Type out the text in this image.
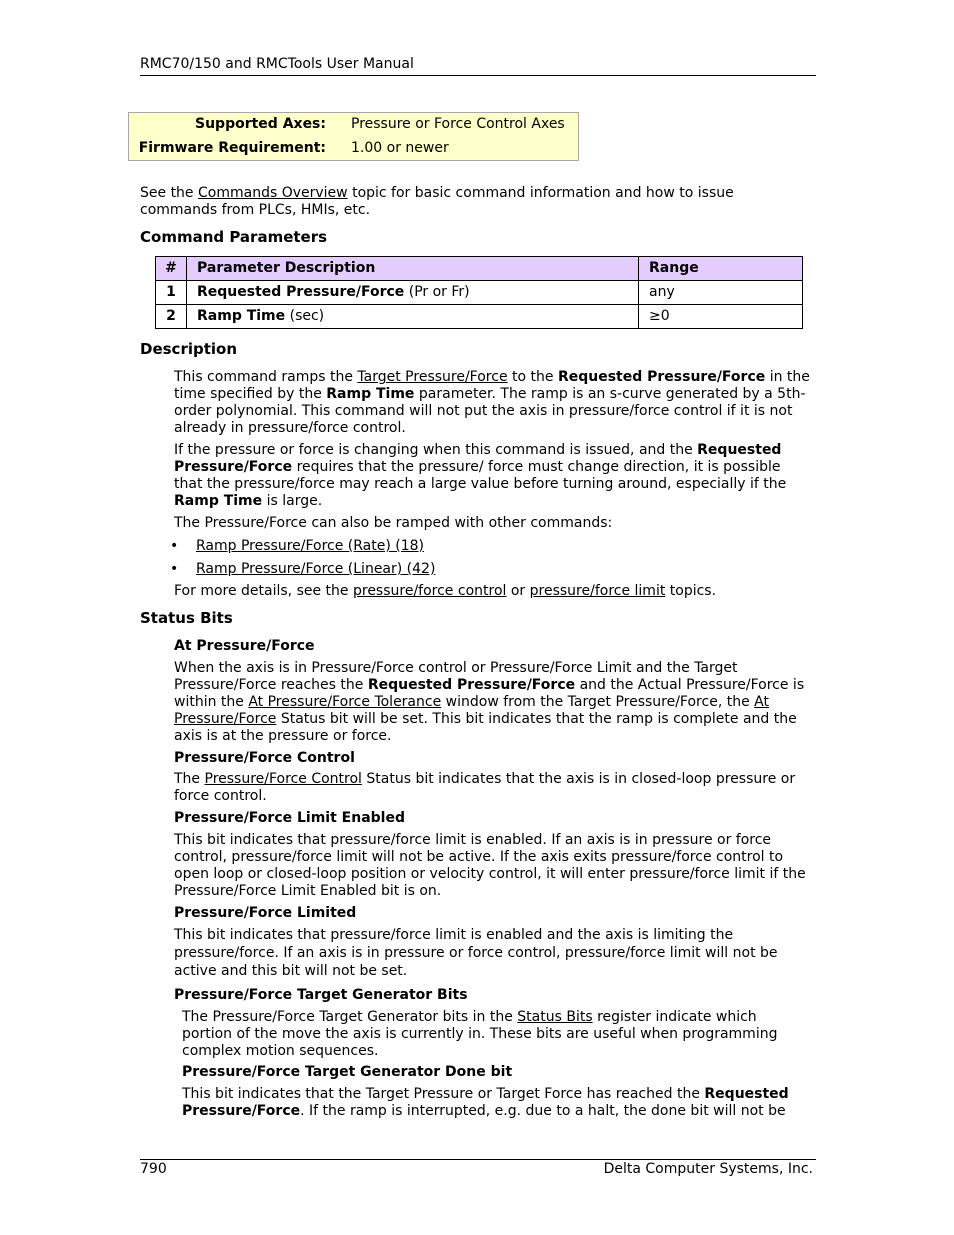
RMC70/150 and RMCTools User Manual
Supported Axes: Pressure or Force Control Axes
Firmware Requirement: 1.00 or newer
See the Commands Overview topic for basic command information and how to issue commands from PLCs, HMIs, etc.
Command Parameters
#	Parameter Description	Range
1	Requested Pressure/Force (Pr or Fr)	any
2	Ramp Time (sec)	≥0
Description
This command ramps the Target Pressure/Force to the Requested Pressure/Force in the time specified by the Ramp Time parameter. The ramp is an s-curve generated by a 5th-order polynomial. This command will not put the axis in pressure/force control if it is not already in pressure/force control.
If the pressure or force is changing when this command is issued, and the Requested Pressure/Force requires that the pressure/ force must change direction, it is possible that the pressure/force may reach a large value before turning around, especially if the Ramp Time is large.
The Pressure/Force can also be ramped with other commands:
• Ramp Pressure/Force (Rate) (18)
• Ramp Pressure/Force (Linear) (42)
For more details, see the pressure/force control or pressure/force limit topics.
Status Bits
At Pressure/Force
When the axis is in Pressure/Force control or Pressure/Force Limit and the Target Pressure/Force reaches the Requested Pressure/Force and the Actual Pressure/Force is within the At Pressure/Force Tolerance window from the Target Pressure/Force, the At Pressure/Force Status bit will be set. This bit indicates that the ramp is complete and the axis is at the pressure or force.
Pressure/Force Control
The Pressure/Force Control Status bit indicates that the axis is in closed-loop pressure or force control.
Pressure/Force Limit Enabled
This bit indicates that pressure/force limit is enabled. If an axis is in pressure or force control, pressure/force limit will not be active. If the axis exits pressure/force control to open loop or closed-loop position or velocity control, it will enter pressure/force limit if the Pressure/Force Limit Enabled bit is on.
Pressure/Force Limited
This bit indicates that pressure/force limit is enabled and the axis is limiting the pressure/force. If an axis is in pressure or force control, pressure/force limit will not be active and this bit will not be set.
Pressure/Force Target Generator Bits
The Pressure/Force Target Generator bits in the Status Bits register indicate which portion of the move the axis is currently in. These bits are useful when programming complex motion sequences.
Pressure/Force Target Generator Done bit
This bit indicates that the Target Pressure or Target Force has reached the Requested Pressure/Force. If the ramp is interrupted, e.g. due to a halt, the done bit will not be
790	Delta Computer Systems, Inc.
